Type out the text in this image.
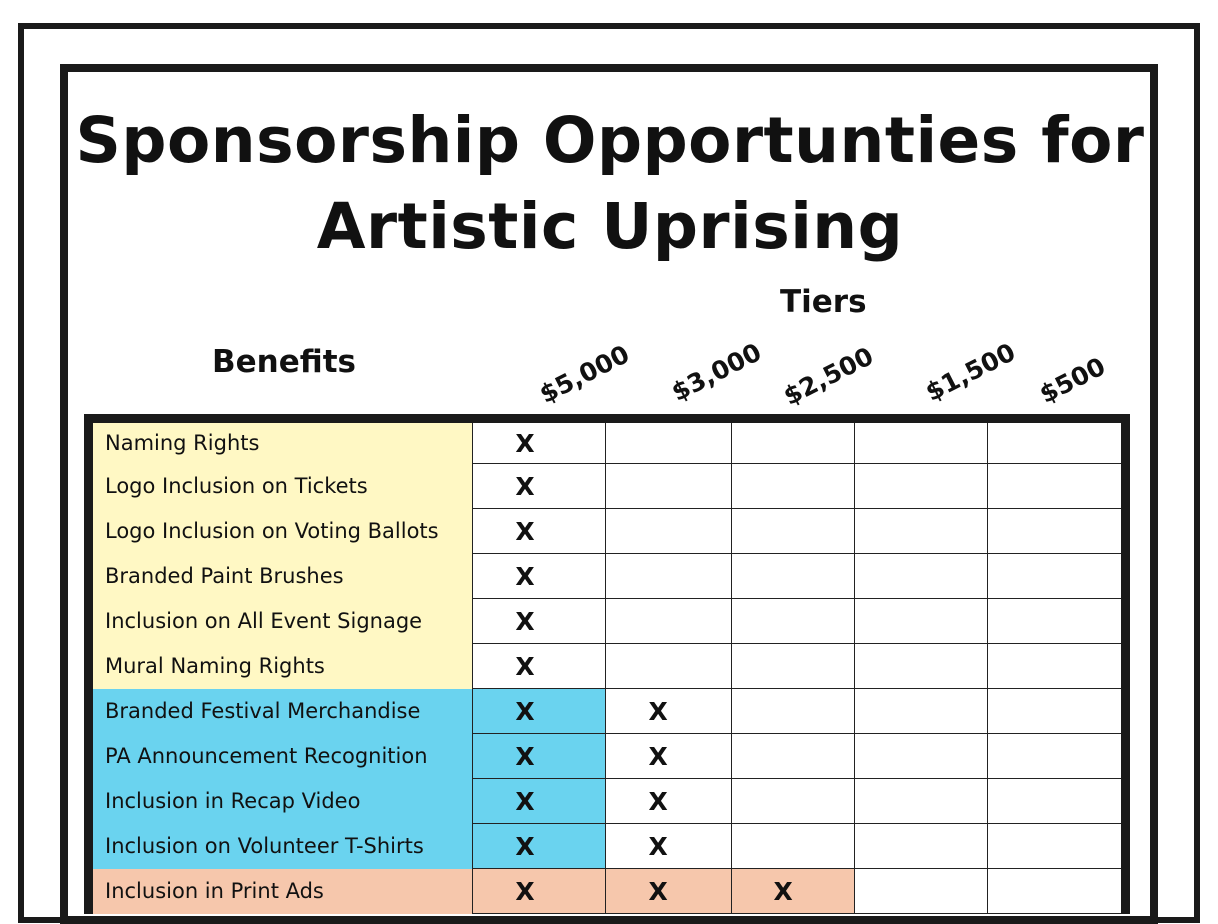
Sponsorship Opportunties for Artistic Uprising
Tiers
Benefits	$5,000 $3,000 $2,500 $1,500 $500
Naming Rights	X				
Logo Inclusion on Tickets	X				
Logo Inclusion on Voting Ballots	X				
Branded Paint Brushes	X				
Inclusion on All Event Signage	X				
Mural Naming Rights	X				
Branded Festival Merchandise	X	X			
PA Announcement Recognition	X	X			
Inclusion in Recap Video	X	X			
Inclusion on Volunteer T-Shirts	X	X			
Inclusion in Print Ads	X	X	X		
